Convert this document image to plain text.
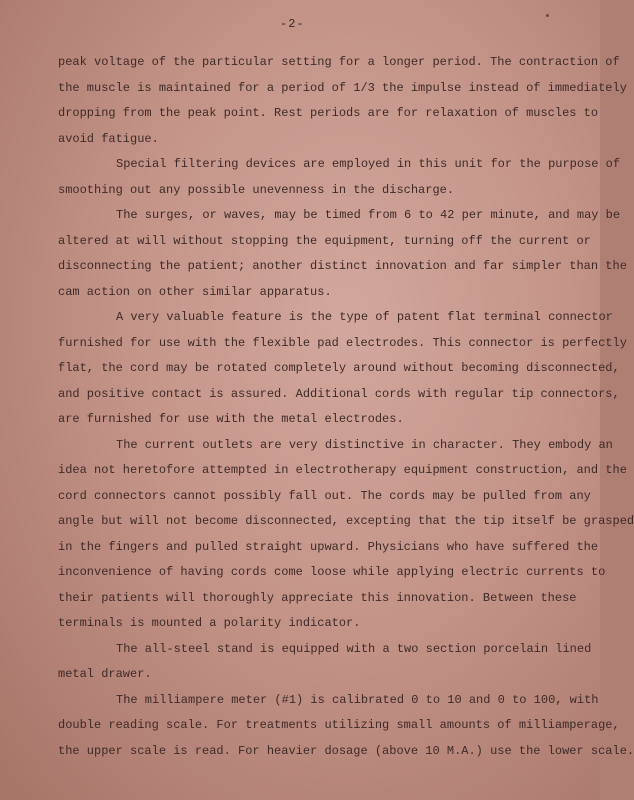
-2-

peak voltage of the particular setting for a longer period. The contraction of
the muscle is maintained for a period of 1/3 the impulse instead of immediately
dropping from the peak point. Rest periods are for relaxation of muscles to
avoid fatigue.

Special filtering devices are employed in this unit for the purpose of
smoothing out any possible unevenness in the discharge.

The surges, or waves, may be timed from 6 to 42 per minute, and may be
altered at will without stopping the equipment, turning off the current or
disconnecting the patient; another distinct innovation and far simpler than the
cam action on other similar apparatus.

A very valuable feature is the type of patent flat terminal connector
furnished for use with the flexible pad electrodes. This connector is perfectly
flat, the cord may be rotated completely around without becoming disconnected,
and positive contact is assured. Additional cords with regular tip connectors,
are furnished for use with the metal electrodes.

The current outlets are very distinctive in character. They embody an
idea not heretofore attempted in electrotherapy equipment construction, and the
cord connectors cannot possibly fall out. The cords may be pulled from any
angle but will not become disconnected, excepting that the tip itself be grasped
in the fingers and pulled straight upward. Physicians who have suffered the
inconvenience of having cords come loose while applying electric currents to
their patients will thoroughly appreciate this innovation. Between these
terminals is mounted a polarity indicator.

The all-steel stand is equipped with a two section porcelain lined
metal drawer.

The milliampere meter (#1) is calibrated 0 to 10 and 0 to 100, with
double reading scale. For treatments utilizing small amounts of milliamperage,
the upper scale is read. For heavier dosage (above 10 M.A.) use the lower scale.
